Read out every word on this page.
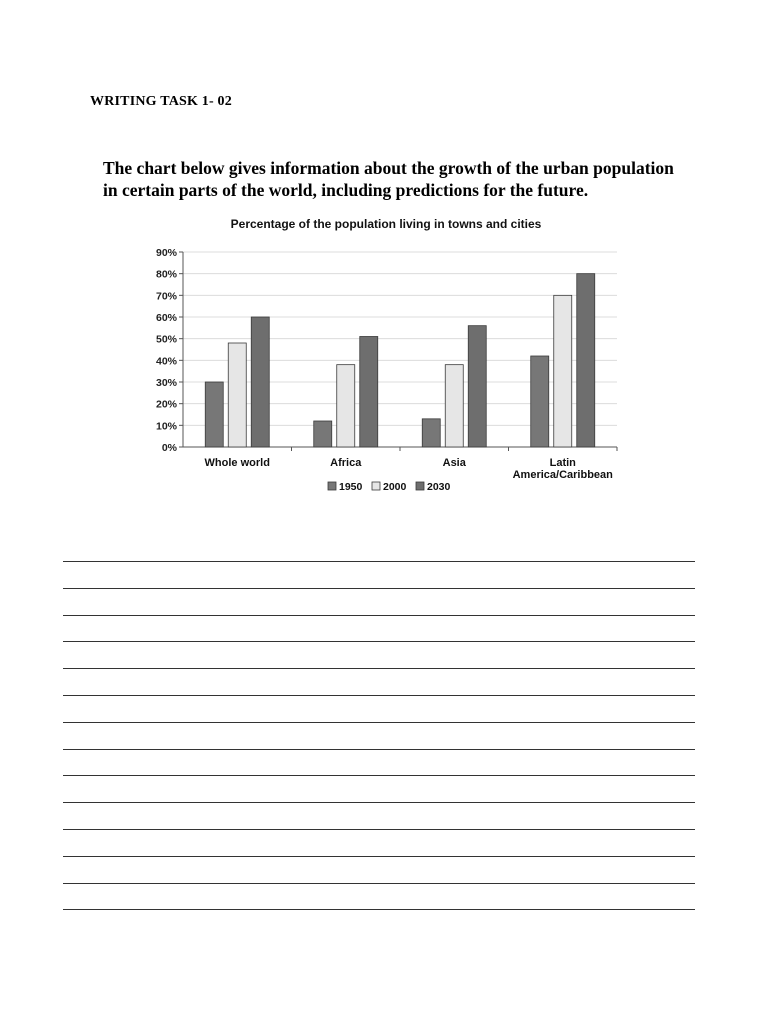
WRITING TASK 1- 02
The chart below gives information about the growth of the urban population
in certain parts of the world, including predictions for the future.
Percentage of the population living in towns and cities
0%
10%
20%
30%
40%
50%
60%
70%
80%
90%
Whole world	Africa	Asia	Latin
America/Caribbean
1950 2000 2030
